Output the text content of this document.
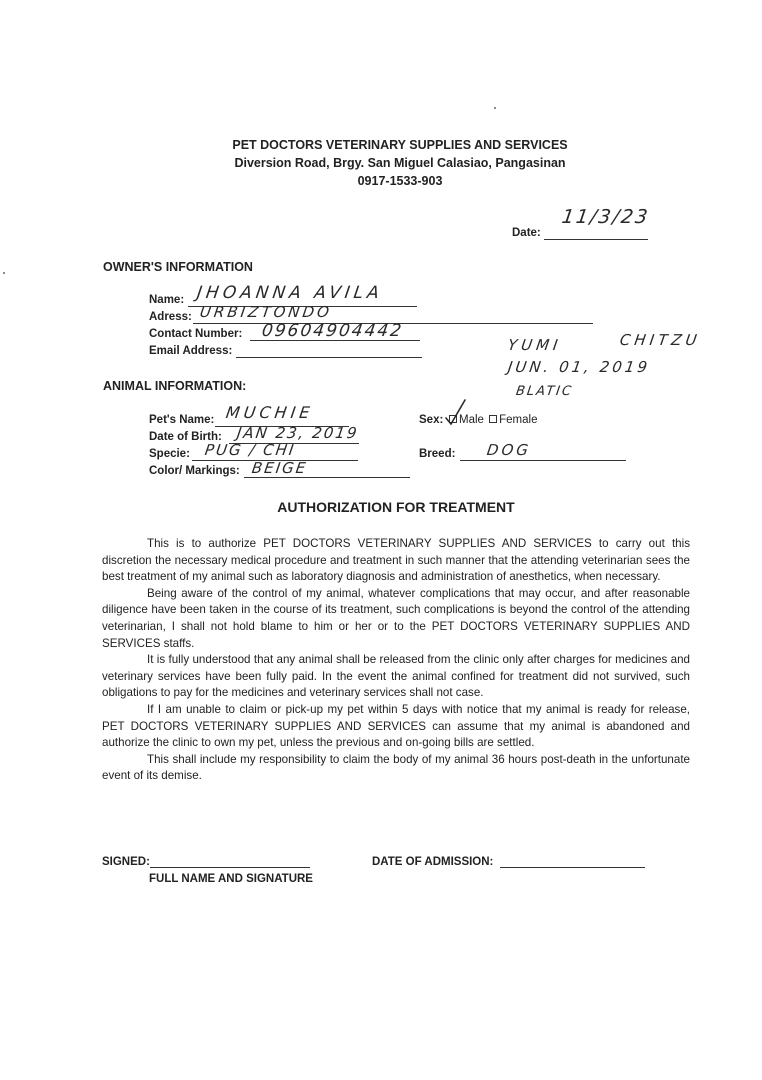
PET DOCTORS VETERINARY SUPPLIES AND SERVICES
Diversion Road, Brgy. San Miguel Calasiao, Pangasinan
0917-1533-903
Date:
11/3/23
OWNER'S INFORMATION
Name: JHOANNA AVILA
Adress: URBIZTONDO
Contact Number: 09604904442
Email Address:	YUMI	CHITZU
JUN. 01, 2019
BLATIC
ANIMAL INFORMATION:
Pet's Name: MUCHIE
Date of Birth: JAN 23, 2019
Specie: PUG / CHI
Color/ Markings: BEIGE
Sex:	Male Female
Breed: DOG
AUTHORIZATION FOR TREATMENT

This is to authorize PET DOCTORS VETERINARY SUPPLIES AND SERVICES to carry out this discretion the necessary medical procedure and treatment in such manner that the attending veterinarian sees the best treatment of my animal such as laboratory diagnosis and administration of anesthetics, when necessary.

Being aware of the control of my animal, whatever complications that may occur, and after reasonable diligence have been taken in the course of its treatment, such complications is beyond the control of the attending veterinarian, I shall not hold blame to him or her or to the PET DOCTORS VETERINARY SUPPLIES AND SERVICES staffs.

It is fully understood that any animal shall be released from the clinic only after charges for medicines and veterinary services have been fully paid. In the event the animal confined for treatment did not survived, such obligations to pay for the medicines and veterinary services shall not case.

If I am unable to claim or pick-up my pet within 5 days with notice that my animal is ready for release, PET DOCTORS VETERINARY SUPPLIES AND SERVICES can assume that my animal is abandoned and authorize the clinic to own my pet, unless the previous and on-going bills are settled.

This shall include my responsibility to claim the body of my animal 36 hours post-death in the unfortunate event of its demise.

SIGNED:
FULL NAME AND SIGNATURE
DATE OF ADMISSION:
